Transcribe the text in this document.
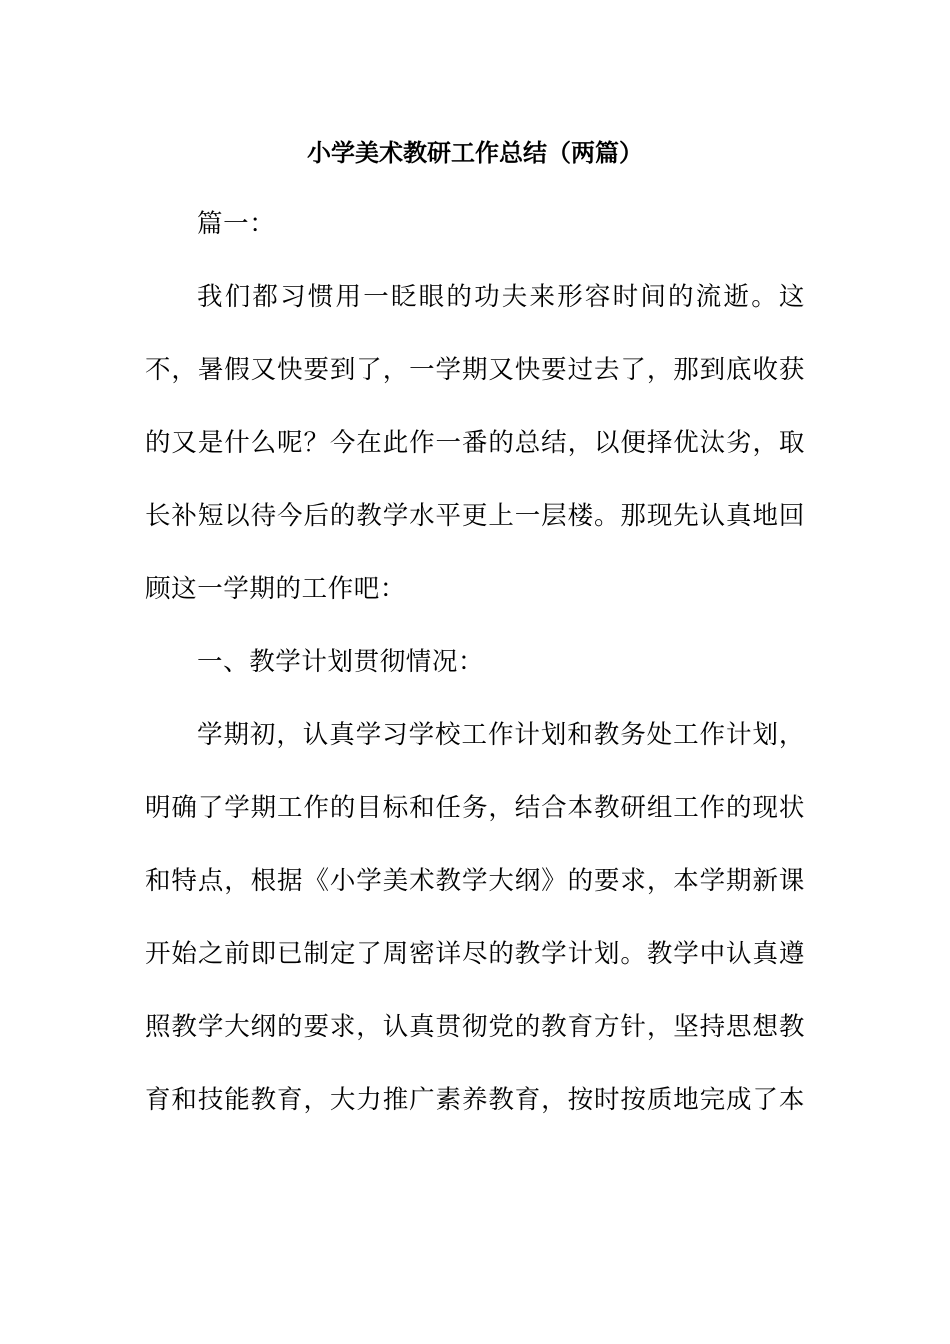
小学美术教研工作总结（两篇）

篇一：

我们都习惯用一眨眼的功夫来形容时间的流逝。这
不，暑假又快要到了，一学期又快要过去了，那到底收获
的又是什么呢？今在此作一番的总结，以便择优汰劣，取
长补短以待今后的教学水平更上一层楼。那现先认真地回
顾这一学期的工作吧：

一、教学计划贯彻情况：

学期初，认真学习学校工作计划和教务处工作计划，
明确了学期工作的目标和任务，结合本教研组工作的现状
和特点，根据《小学美术教学大纲》的要求，本学期新课
开始之前即已制定了周密详尽的教学计划。教学中认真遵
照教学大纲的要求，认真贯彻党的教育方针，坚持思想教
育和技能教育，大力推广素养教育，按时按质地完成了本
